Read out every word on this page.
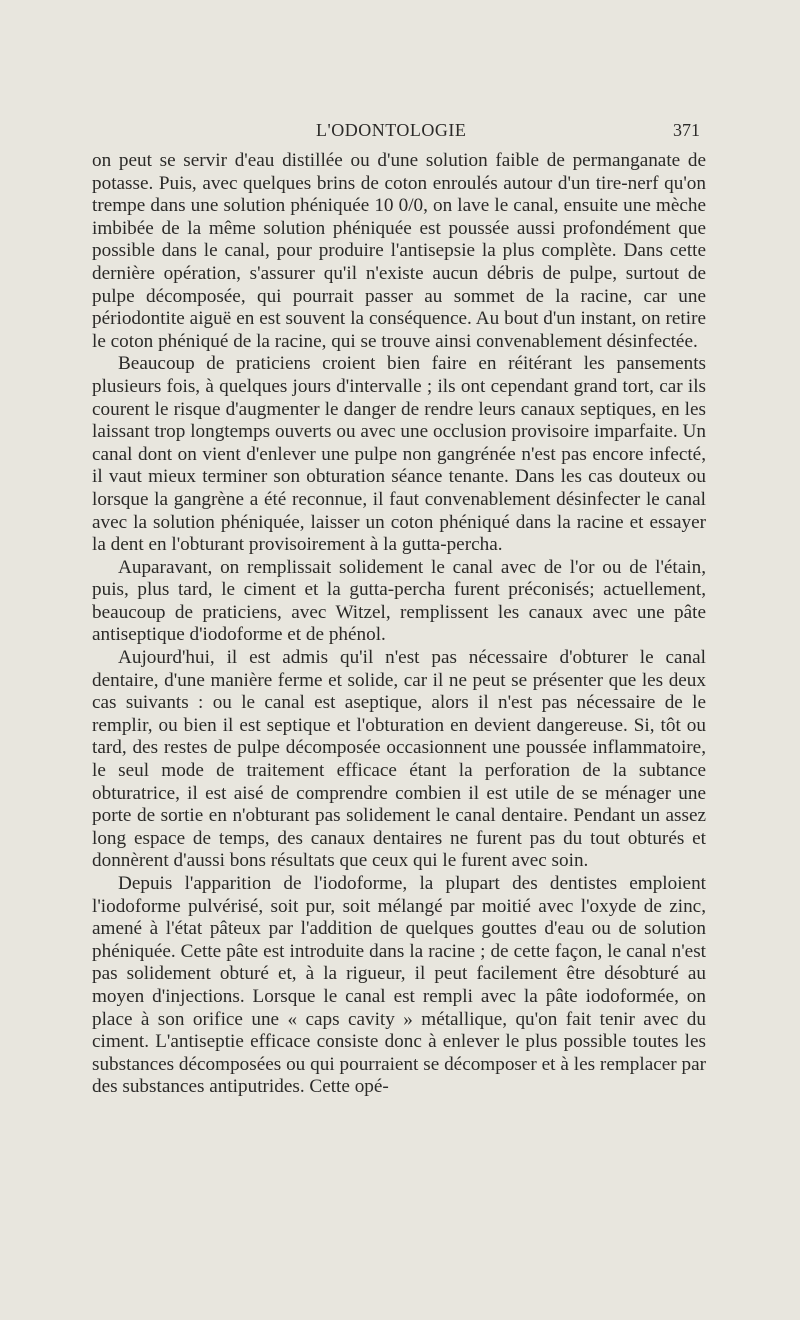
L'ODONTOLOGIE	371

on peut se servir d'eau distillée ou d'une solution faible de permanganate de potasse. Puis, avec quelques brins de coton enroulés autour d'un tire-nerf qu'on trempe dans une solution phéniquée 10 0/0, on lave le canal, ensuite une mèche imbibée de la même solution phéniquée est poussée aussi profondément que possible dans le canal, pour produire l'antisepsie la plus complète. Dans cette dernière opération, s'assurer qu'il n'existe aucun débris de pulpe, surtout de pulpe décomposée, qui pourrait passer au sommet de la racine, car une périodontite aiguë en est souvent la conséquence. Au bout d'un instant, on retire le coton phéniqué de la racine, qui se trouve ainsi convenablement désinfectée.

Beaucoup de praticiens croient bien faire en réitérant les pansements plusieurs fois, à quelques jours d'intervalle ; ils ont cependant grand tort, car ils courent le risque d'augmenter le danger de rendre leurs canaux septiques, en les laissant trop longtemps ouverts ou avec une occlusion provisoire imparfaite. Un canal dont on vient d'enlever une pulpe non gangrénée n'est pas encore infecté, il vaut mieux terminer son obturation séance tenante. Dans les cas douteux ou lorsque la gangrène a été reconnue, il faut convenablement désinfecter le canal avec la solution phéniquée, laisser un coton phéniqué dans la racine et essayer la dent en l'obturant provisoirement à la gutta-percha.

Auparavant, on remplissait solidement le canal avec de l'or ou de l'étain, puis, plus tard, le ciment et la gutta-percha furent préconisés; actuellement, beaucoup de praticiens, avec Witzel, remplissent les canaux avec une pâte antiseptique d'iodoforme et de phénol.

Aujourd'hui, il est admis qu'il n'est pas nécessaire d'obturer le canal dentaire, d'une manière ferme et solide, car il ne peut se présenter que les deux cas suivants : ou le canal est aseptique, alors il n'est pas nécessaire de le remplir, ou bien il est septique et l'obturation en devient dangereuse. Si, tôt ou tard, des restes de pulpe décomposée occasionnent une poussée inflammatoire, le seul mode de traitement efficace étant la perforation de la subtance obturatrice, il est aisé de comprendre combien il est utile de se ménager une porte de sortie en n'obturant pas solidement le canal dentaire. Pendant un assez long espace de temps, des canaux dentaires ne furent pas du tout obturés et donnèrent d'aussi bons résultats que ceux qui le furent avec soin.

Depuis l'apparition de l'iodoforme, la plupart des dentistes emploient l'iodoforme pulvérisé, soit pur, soit mélangé par moitié avec l'oxyde de zinc, amené à l'état pâteux par l'addition de quelques gouttes d'eau ou de solution phéniquée. Cette pâte est introduite dans la racine ; de cette façon, le canal n'est pas solidement obturé et, à la rigueur, il peut facilement être désobturé au moyen d'injections. Lorsque le canal est rempli avec la pâte iodoformée, on place à son orifice une « caps cavity » métallique, qu'on fait tenir avec du ciment. L'antiseptie efficace consiste donc à enlever le plus possible toutes les substances décomposées ou qui pourraient se décomposer et à les remplacer par des substances antiputrides. Cette opé-
